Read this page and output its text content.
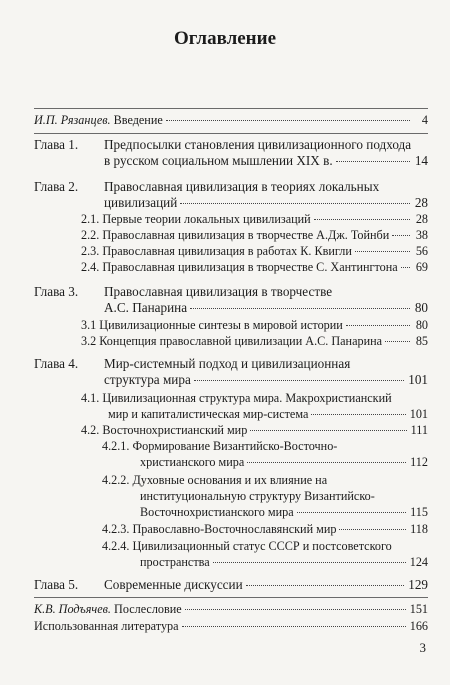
Оглавление
И.П. Рязанцев. Введение	4
Глава 1. Предпосылки становления цивилизационного подхода
в русском социальном мышлении XIX в.	14
Глава 2. Православная цивилизация в теориях локальных
цивилизаций	28
2.1. Первые теории локальных цивилизаций	28
2.2. Православная цивилизация в творчестве А.Дж. Тойнби	38
2.3. Православная цивилизация в работах К. Квигли	56
2.4. Православная цивилизация в творчестве С. Хантингтона	69
Глава 3. Православная цивилизация в творчестве
А.С. Панарина	80
3.1 Цивилизационные синтезы в мировой истории	80
3.2 Концепция православной цивилизации А.С. Панарина	85
Глава 4. Мир-системный подход и цивилизационная
структура мира	101
4.1. Цивилизационная структура мира. Макрохристианский
мир и капиталистическая мир-система	101
4.2. Восточнохристианский мир	111
4.2.1. Формирование Византийско-Восточно-
христианского мира	112
4.2.2. Духовные основания и их влияние на
институциональную структуру Византийско-
Восточнохристианского мира	115
4.2.3. Православно-Восточнославянский мир	118
4.2.4. Цивилизационный статус СССР и постсоветского
пространства	124
Глава 5. Современные дискуссии	129
К.В. Подъячев. Послесловие	151
Использованная литература	166
3
